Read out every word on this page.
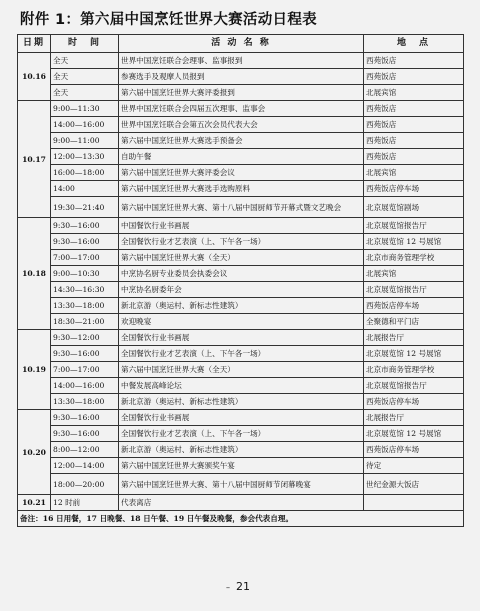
附件 1：第六届中国烹饪世界大赛活动日程表
日期	时　间	活 动 名 称	地　点
10.16	全天	世界中国烹饪联合会理事、监事报到	西苑饭店
	全天	参赛选手及观摩人员报到	西苑饭店
	全天	第六届中国烹饪世界大赛评委报到	北展宾馆
10.17	9:00—11:30	世界中国烹饪联合会四届五次理事、监事会	西苑饭店
	14:00—16:00	世界中国烹饪联合会第五次会员代表大会	西苑饭店
	9:00—11:00	第六届中国烹饪世界大赛选手预备会	西苑饭店
	12:00—13:30	自助午餐	西苑饭店
	16:00—18:00	第六届中国烹饪世界大赛评委会议	北展宾馆
	14:00	第六届中国烹饪世界大赛选手选购原料	西苑饭店停车场
	19:30—21:40	第六届中国烹饪世界大赛、第十八届中国厨师节开幕式暨文艺晚会	北京展览馆剧场
10.18	9:30—16:00	中国餐饮行业书画展	北京展览馆报告厅
	9:30—16:00	全国餐饮行业才艺表演（上、下午各一场）	北京展览馆 12 号展馆
	7:00—17:00	第六届中国烹饪世界大赛（全天）	北京市商务管理学校
	9:00—10:30	中烹协名厨专业委员会执委会议	北展宾馆
	14:30—16:30	中烹协名厨委年会	北京展览馆报告厅
	13:30—18:00	新北京游（奥运村、新标志性建筑）	西苑饭店停车场
	18:30—21:00	欢迎晚宴	全聚德和平门店
10.19	9:30—12:00	全国餐饮行业书画展	北展报告厅
	9:30—16:00	全国餐饮行业才艺表演（上、下午各一场）	北京展览馆 12 号展馆
	7:00—17:00	第六届中国烹饪世界大赛（全天）	北京市商务管理学校
	14:00—16:00	中餐发展高峰论坛	北京展览馆报告厅
	13:30—18:00	新北京游（奥运村、新标志性建筑）	西苑饭店停车场
10.20	9:30—16:00	全国餐饮行业书画展	北展报告厅
	9:30—16:00	全国餐饮行业才艺表演（上、下午各一场）	北京展览馆 12 号展馆
	8:00—12:00	新北京游（奥运村、新标志性建筑）	西苑饭店停车场
	12:00—14:00	第六届中国烹饪世界大赛颁奖午宴	待定
	18:00—20:00	第六届中国烹饪世界大赛、第十八届中国厨师节闭幕晚宴	世纪金源大饭店
10.21	12 时前	代表离店	
备注：16 日用餐，17 日晚餐、18 日午餐、19 日午餐及晚餐，参会代表自理。			
– 21
